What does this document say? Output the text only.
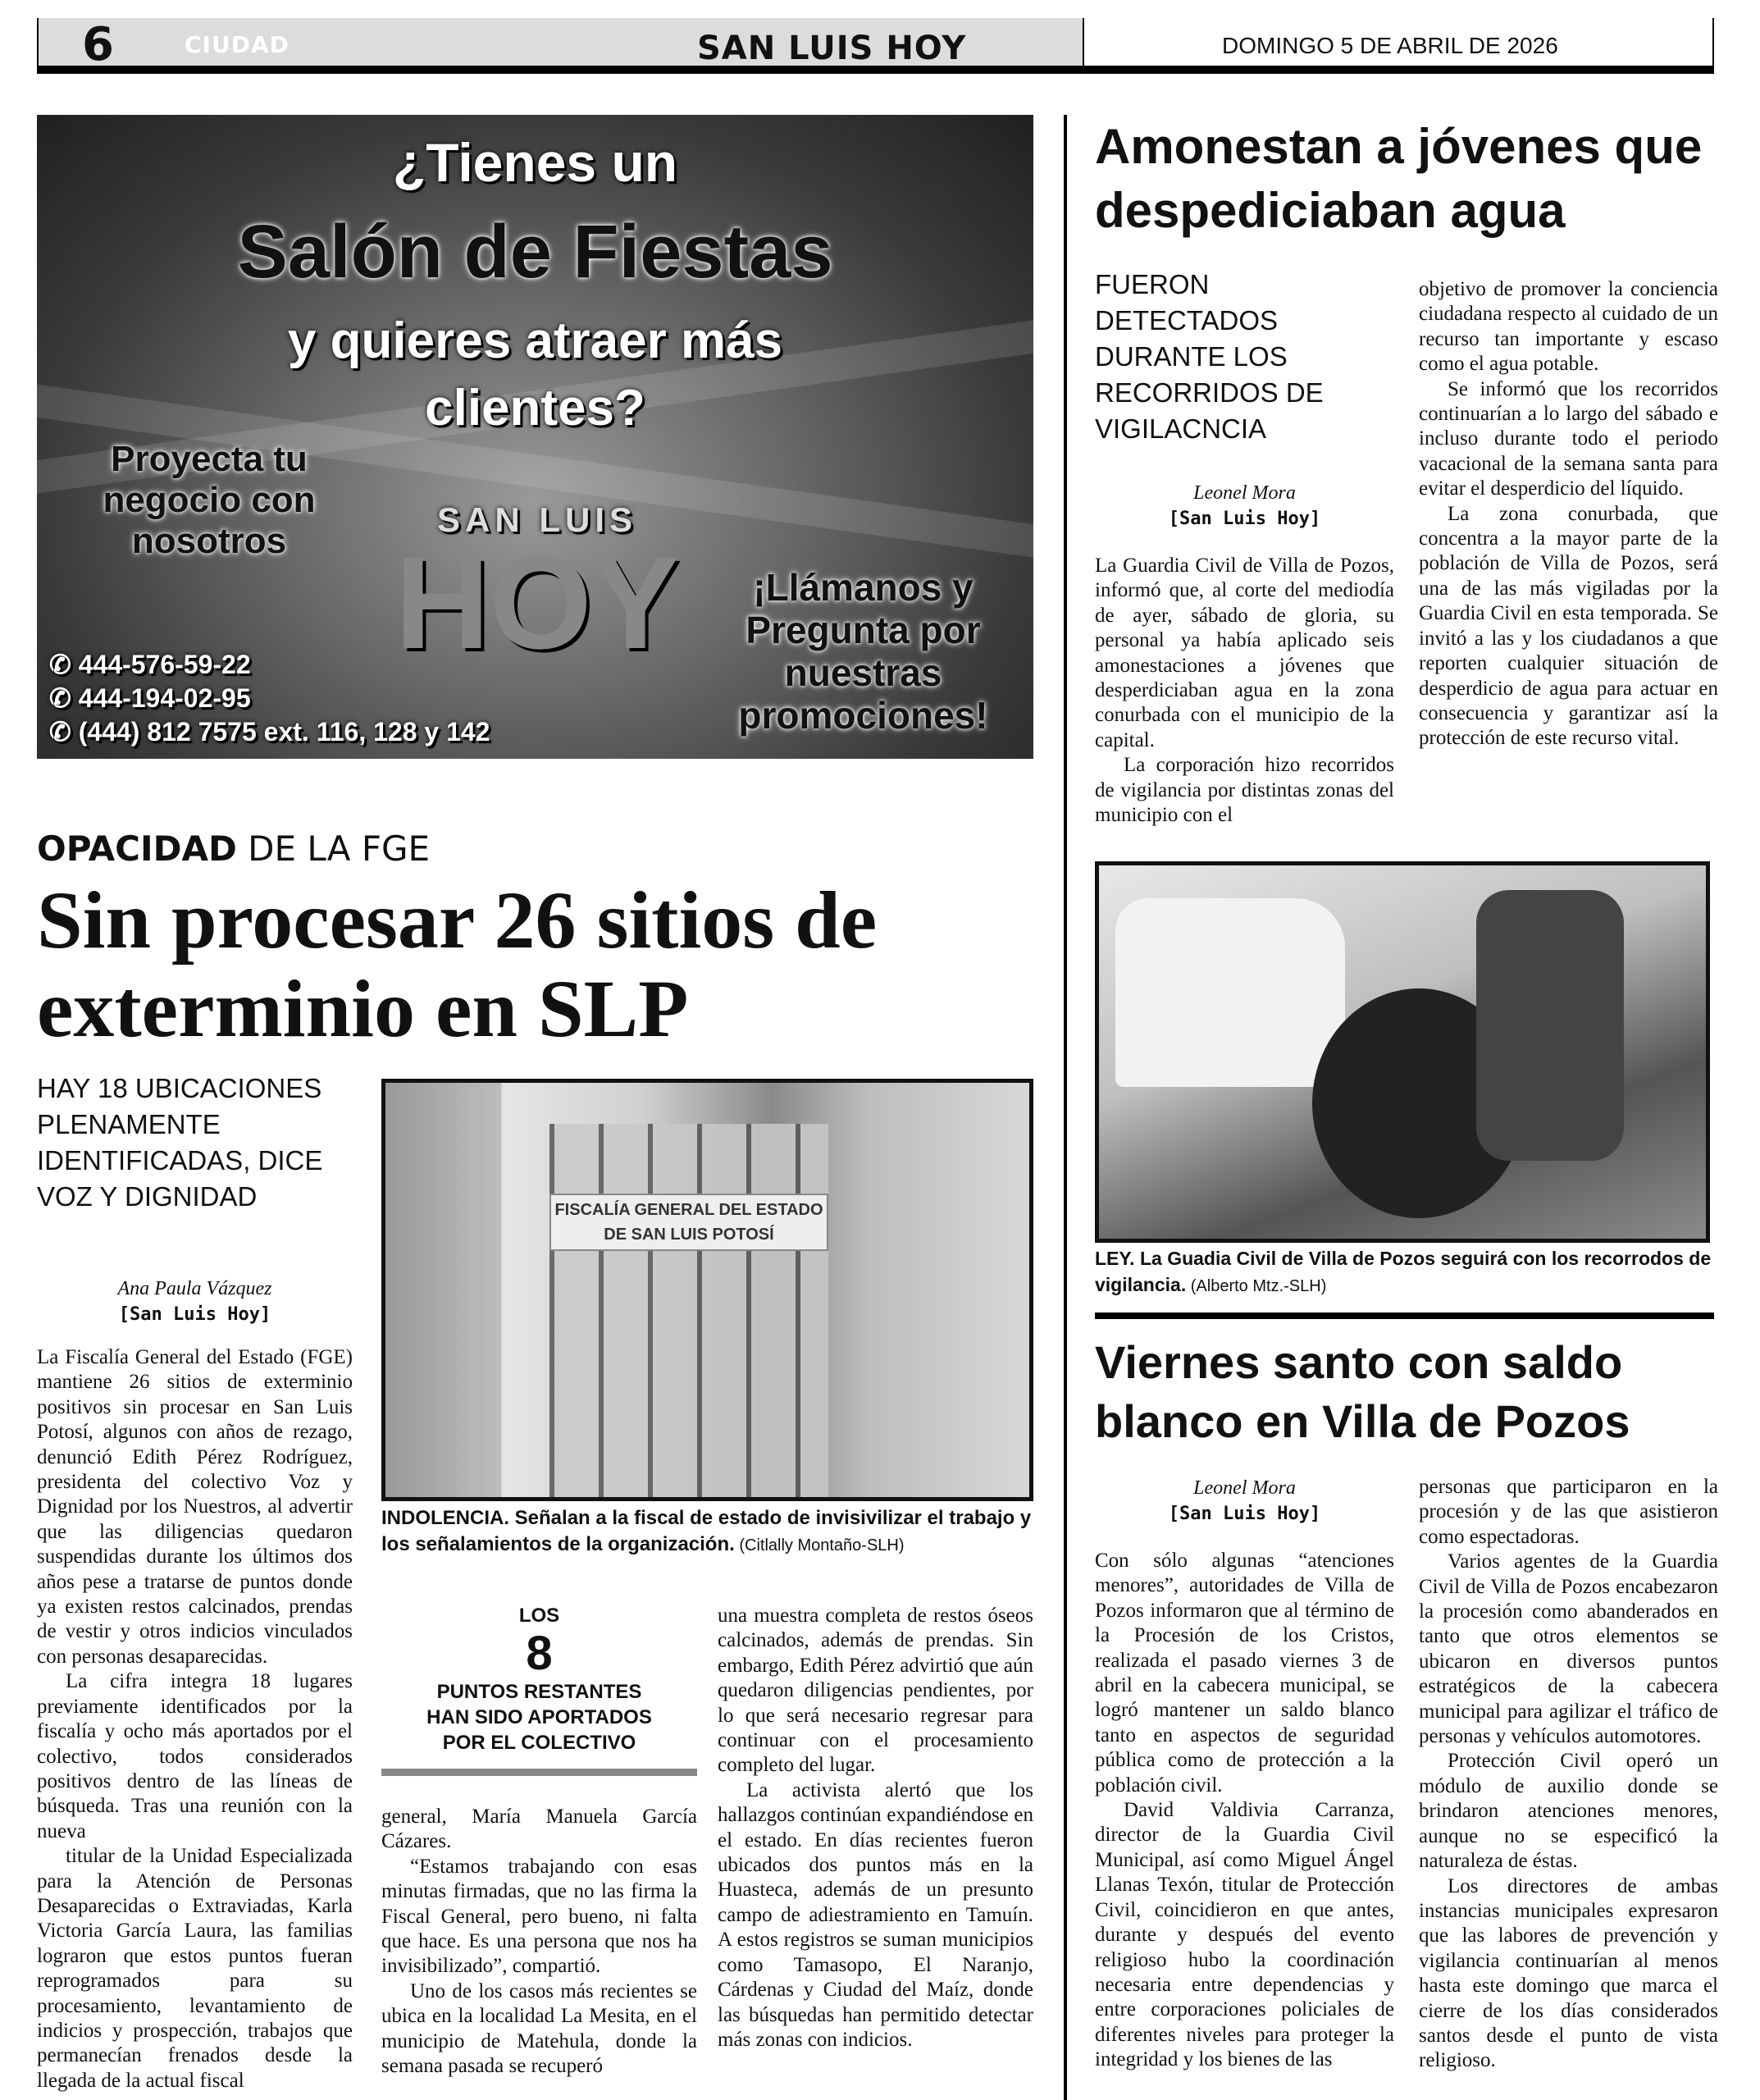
6	CIUDAD	SAN LUIS HOY	DOMINGO 5 DE ABRIL DE 2026
¿Tienes un
Salón de Fiestas
y quieres atraer más
clientes?
Proyecta tu negocio con nosotros
SAN LUIS
HOY	¡Llámanos y Pregunta por nuestras promociones!
✆ 444-576-59-22
✆ 444-194-02-95
✆ (444) 812 7575 ext. 116, 128 y 142
OPACIDAD DE LA FGE
Sin procesar 26 sitios de exterminio en SLP
HAY 18 UBICACIONES PLENAMENTE IDENTIFICADAS, DICE VOZ Y DIGNIDAD
Ana Paula Vázquez
[San Luis Hoy]
FISCALÍA GENERAL DEL ESTADO DE SAN LUIS POTOSÍ
INDOLENCIA. Señalan a la fiscal de estado de invisivilizar el trabajo y los señalamientos de la organización. (Citlally Montaño-SLH)

La Fiscalía General del Estado (FGE) mantiene 26 sitios de exterminio positivos sin procesar en San Luis Potosí, algunos con años de rezago, denunció Edith Pérez Rodríguez, presidenta del colectivo Voz y Dignidad por los Nuestros, al advertir que las diligencias quedaron suspendidas durante los últimos dos años pese a tratarse de puntos donde ya existen restos calcinados, prendas de vestir y otros indicios vinculados con personas desaparecidas.

La cifra integra 18 lugares previamente identificados por la fiscalía y ocho más aportados por el colectivo, todos considerados positivos dentro de las líneas de búsqueda. Tras una reunión con la nueva

titular de la Unidad Especializada para la Atención de Personas Desaparecidas o Extraviadas, Karla Victoria García Laura, las familias lograron que estos puntos fueran reprogramados para su procesamiento, levantamiento de indicios y prospección, trabajos que permanecían frenados desde la llegada de la actual fiscal

LOS
8
PUNTOS RESTANTES HAN SIDO APORTADOS POR EL COLECTIVO

general, María Manuela García Cázares.

“Estamos trabajando con esas minutas firmadas, que no las firma la Fiscal General, pero bueno, ni falta que hace. Es una persona que nos ha invisibilizado”, compartió.

Uno de los casos más recientes se ubica en la localidad La Mesita, en el municipio de Matehula, donde la semana pasada se recuperó

una muestra completa de restos óseos calcinados, además de prendas. Sin embargo, Edith Pérez advirtió que aún quedaron diligencias pendientes, por lo que será necesario regresar para continuar con el procesamiento completo del lugar.

La activista alertó que los hallazgos continúan expandiéndose en el estado. En días recientes fueron ubicados dos puntos más en la Huasteca, además de un presunto campo de adiestramiento en Tamuín. A estos registros se suman municipios como Tamasopo, El Naranjo, Cárdenas y Ciudad del Maíz, donde las búsquedas han permitido detectar más zonas con indicios.

Amonestan a jóvenes que despediciaban agua
FUERON DETECTADOS DURANTE LOS RECORRIDOS DE VIGILACNCIA
Leonel Mora
[San Luis Hoy]

La Guardia Civil de Villa de Pozos, informó que, al corte del mediodía de ayer, sábado de gloria, su personal ya había aplicado seis amonestaciones a jóvenes que desperdiciaban agua en la zona conurbada con el municipio de la capital.

La corporación hizo recorridos de vigilancia por distintas zonas del municipio con el

objetivo de promover la conciencia ciudadana respecto al cuidado de un recurso tan importante y escaso como el agua potable.

Se informó que los recorridos continuarían a lo largo del sábado e incluso durante todo el periodo vacacional de la semana santa para evitar el desperdicio del líquido.

La zona conurbada, que concentra a la mayor parte de la población de Villa de Pozos, será una de las más vigiladas por la Guardia Civil en esta temporada. Se invitó a las y los ciudadanos a que reporten cualquier situación de desperdicio de agua para actuar en consecuencia y garantizar así la protección de este recurso vital.

LEY. La Guadia Civil de Villa de Pozos seguirá con los recorrodos de vigilancia. (Alberto Mtz.-SLH)
Viernes santo con saldo blanco en Villa de Pozos
Leonel Mora
[San Luis Hoy]

Con sólo algunas “atenciones menores”, autoridades de Villa de Pozos informaron que al término de la Procesión de los Cristos, realizada el pasado viernes 3 de abril en la cabecera municipal, se logró mantener un saldo blanco tanto en aspectos de seguridad pública como de protección a la población civil.

David Valdivia Carranza, director de la Guardia Civil Municipal, así como Miguel Ángel Llanas Texón, titular de Protección Civil, coincidieron en que antes, durante y después del evento religioso hubo la coordinación necesaria entre dependencias y entre corporaciones policiales de diferentes niveles para proteger la integridad y los bienes de las

personas que participaron en la procesión y de las que asistieron como espectadoras.

Varios agentes de la Guardia Civil de Villa de Pozos encabezaron la procesión como abanderados en tanto que otros elementos se ubicaron en diversos puntos estratégicos de la cabecera municipal para agilizar el tráfico de personas y vehículos automotores.

Protección Civil operó un módulo de auxilio donde se brindaron atenciones menores, aunque no se especificó la naturaleza de éstas.

Los directores de ambas instancias municipales expresaron que las labores de prevención y vigilancia continuarían al menos hasta este domingo que marca el cierre de los días considerados santos desde el punto de vista religioso.
